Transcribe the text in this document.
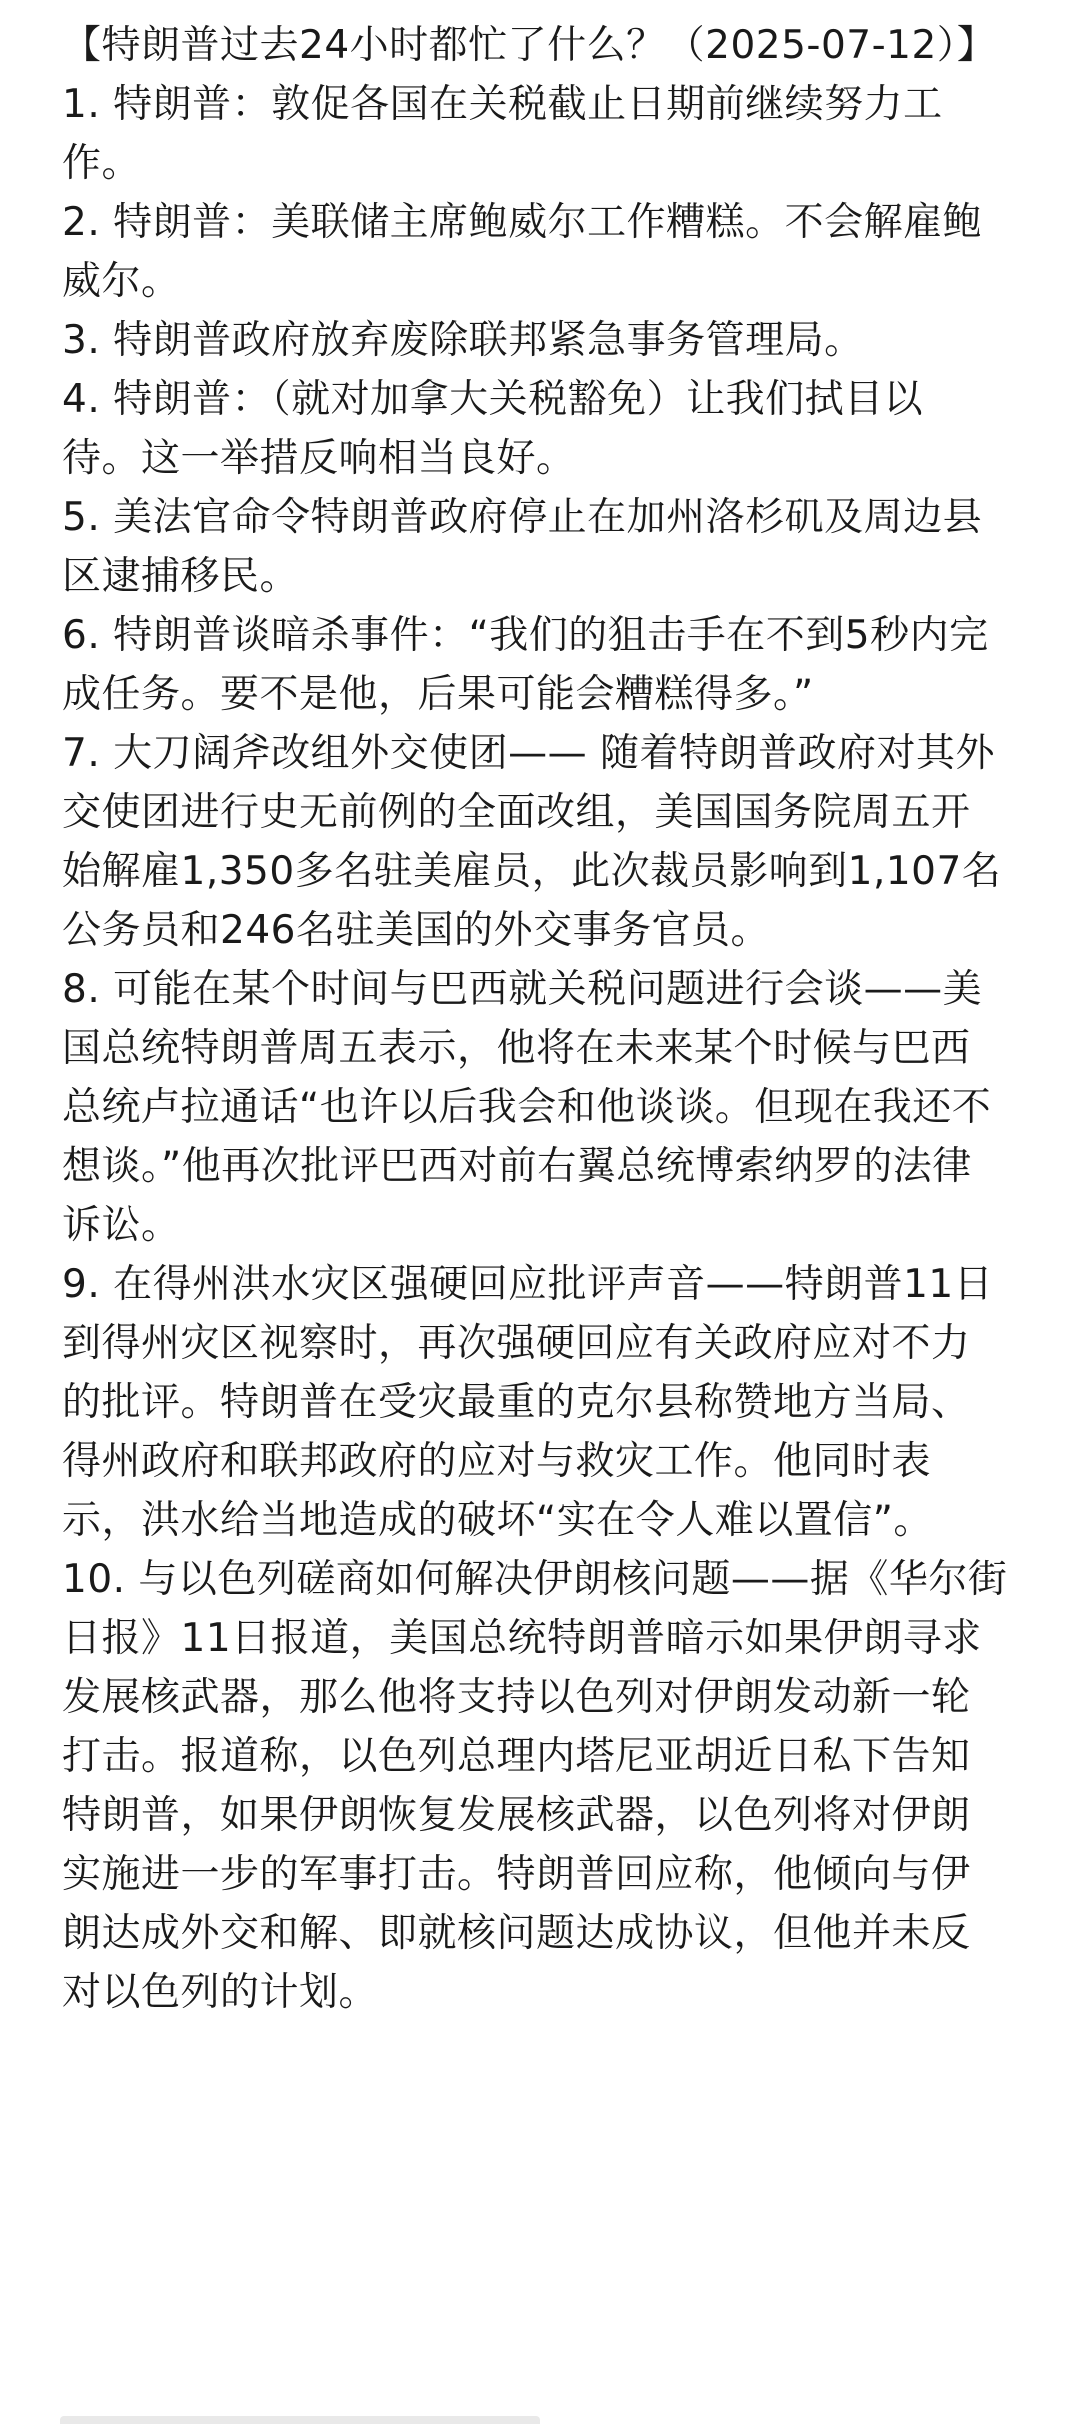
【特朗普过去24小时都忙了什么？（2025-07-12）】
1. 特朗普：敦促各国在关税截止日期前继续努力工
作。
2. 特朗普：美联储主席鲍威尔工作糟糕。不会解雇鲍
威尔。
3. 特朗普政府放弃废除联邦紧急事务管理局。
4. 特朗普：（就对加拿大关税豁免）让我们拭目以
待。这一举措反响相当良好。
5. 美法官命令特朗普政府停止在加州洛杉矶及周边县
区逮捕移民。
6. 特朗普谈暗杀事件：“我们的狙击手在不到5秒内完
成任务。要不是他，后果可能会糟糕得多。”
7. 大刀阔斧改组外交使团—— 随着特朗普政府对其外
交使团进行史无前例的全面改组，美国国务院周五开
始解雇1,350多名驻美雇员，此次裁员影响到1,107名
公务员和246名驻美国的外交事务官员。
8. 可能在某个时间与巴西就关税问题进行会谈——美
国总统特朗普周五表示，他将在未来某个时候与巴西
总统卢拉通话“也许以后我会和他谈谈。但现在我还不
想谈。”他再次批评巴西对前右翼总统博索纳罗的法律
诉讼。
9. 在得州洪水灾区强硬回应批评声音——特朗普11日
到得州灾区视察时，再次强硬回应有关政府应对不力
的批评。特朗普在受灾最重的克尔县称赞地方当局、
得州政府和联邦政府的应对与救灾工作。他同时表
示，洪水给当地造成的破坏“实在令人难以置信”。
10. 与以色列磋商如何解决伊朗核问题——据《华尔街
日报》11日报道，美国总统特朗普暗示如果伊朗寻求
发展核武器，那么他将支持以色列对伊朗发动新一轮
打击。报道称，以色列总理内塔尼亚胡近日私下告知
特朗普，如果伊朗恢复发展核武器，以色列将对伊朗
实施进一步的军事打击。特朗普回应称，他倾向与伊
朗达成外交和解、即就核问题达成协议，但他并未反
对以色列的计划。
